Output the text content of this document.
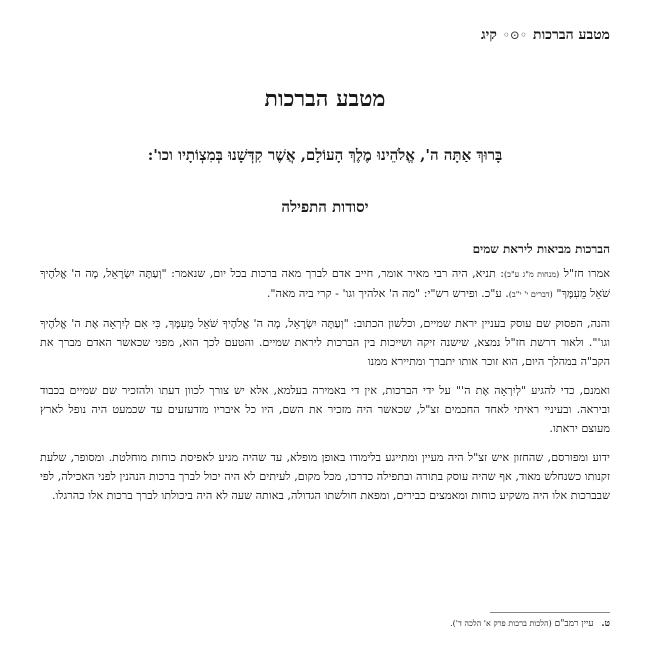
מטבע הברכות
◦⊙◦
קיג
מטבע הברכות
בָּרוּךְ אַתָּה ה', אֱלֹהֵינוּ מֶלֶךְ הָעוֹלָם, אֲשֶׁר קִדְּשָׁנוּ בְּמִצְוֹתָיו וכו':
יסודות התפילה
הברכות מביאות ליראת שמים

אמרו חז"ל (מנחות מ"ג ע"ב): תניא, היה רבי מאיר אומר, חייב אדם לברך מאה ברכות בכל יום, שנאמר: "וְעַתָּה יִשְׂרָאֵל, מָה ה' אֱלֹהֶיךָ שֹׁאֵל מֵעִמָּךְ" (דברים י' י"ב). ע"כ. ופירש רש"י: "מה ה' אלהיך וגו' - קרי ביה מאה".

והנה, הפסוק שם עוסק בעניין יראת שמיים, וכלשון הכתוב: "וְעַתָּה יִשְׂרָאֵל, מָה ה' אֱלֹהֶיךָ שֹׁאֵל מֵעִמָּךְ, כִּי אִם לְיִרְאָה אֶת ה' אֱלֹהֶיךָ וגו'". ולאור דרשת חז"ל נמצא, שישנה זיקה ושייכות בין הברכות ליראת שמיים. והטעם לכך הוא, מפני שכאשר האדם מברך את הקב"ה במהלך היום, הוא זוכר אותו יתברך ומתיירא ממנו

ואמנם, כדי להגיע "לְיִרְאָה אֶת ה'" על ידי הברכות, אין די באמירה בעלמא, אלא יש צורך לכוון דעתו ולהזכיר שם שמיים בכבוד וביראה. ובעיניי ראיתי לאחד החכמים זצ"ל, שכאשר היה מזכיר את השם, היו כל איבריו מזדעזעים עד שכמעט היה נופל לארץ מעוצם יראתו.

ידוע ומפורסם, שהחזון איש זצ"ל היה מעיין ומתייגע בלימודו באופן מופלא, עד שהיה מגיע לאפיסת כוחות מוחלטת. ומסופר, שלעת זקנותו כשנחלש מאוד, אף שהיה עוסק בתורה ובתפילה כדרכו, מכל מקום, לעיתים לא היה יכול לברך ברכות הנהנין לפני האכילה, לפי שבברכות אלו היה משקיע כוחות ומאמצים כבירים, ומפאת חולשתו הגדולה, באותה שעה לא היה ביכולתו לברך ברכות אלו כהרגלו.

ט.עיין רמב"ם (הלכות ברכות פרק א' הלכה ד').
